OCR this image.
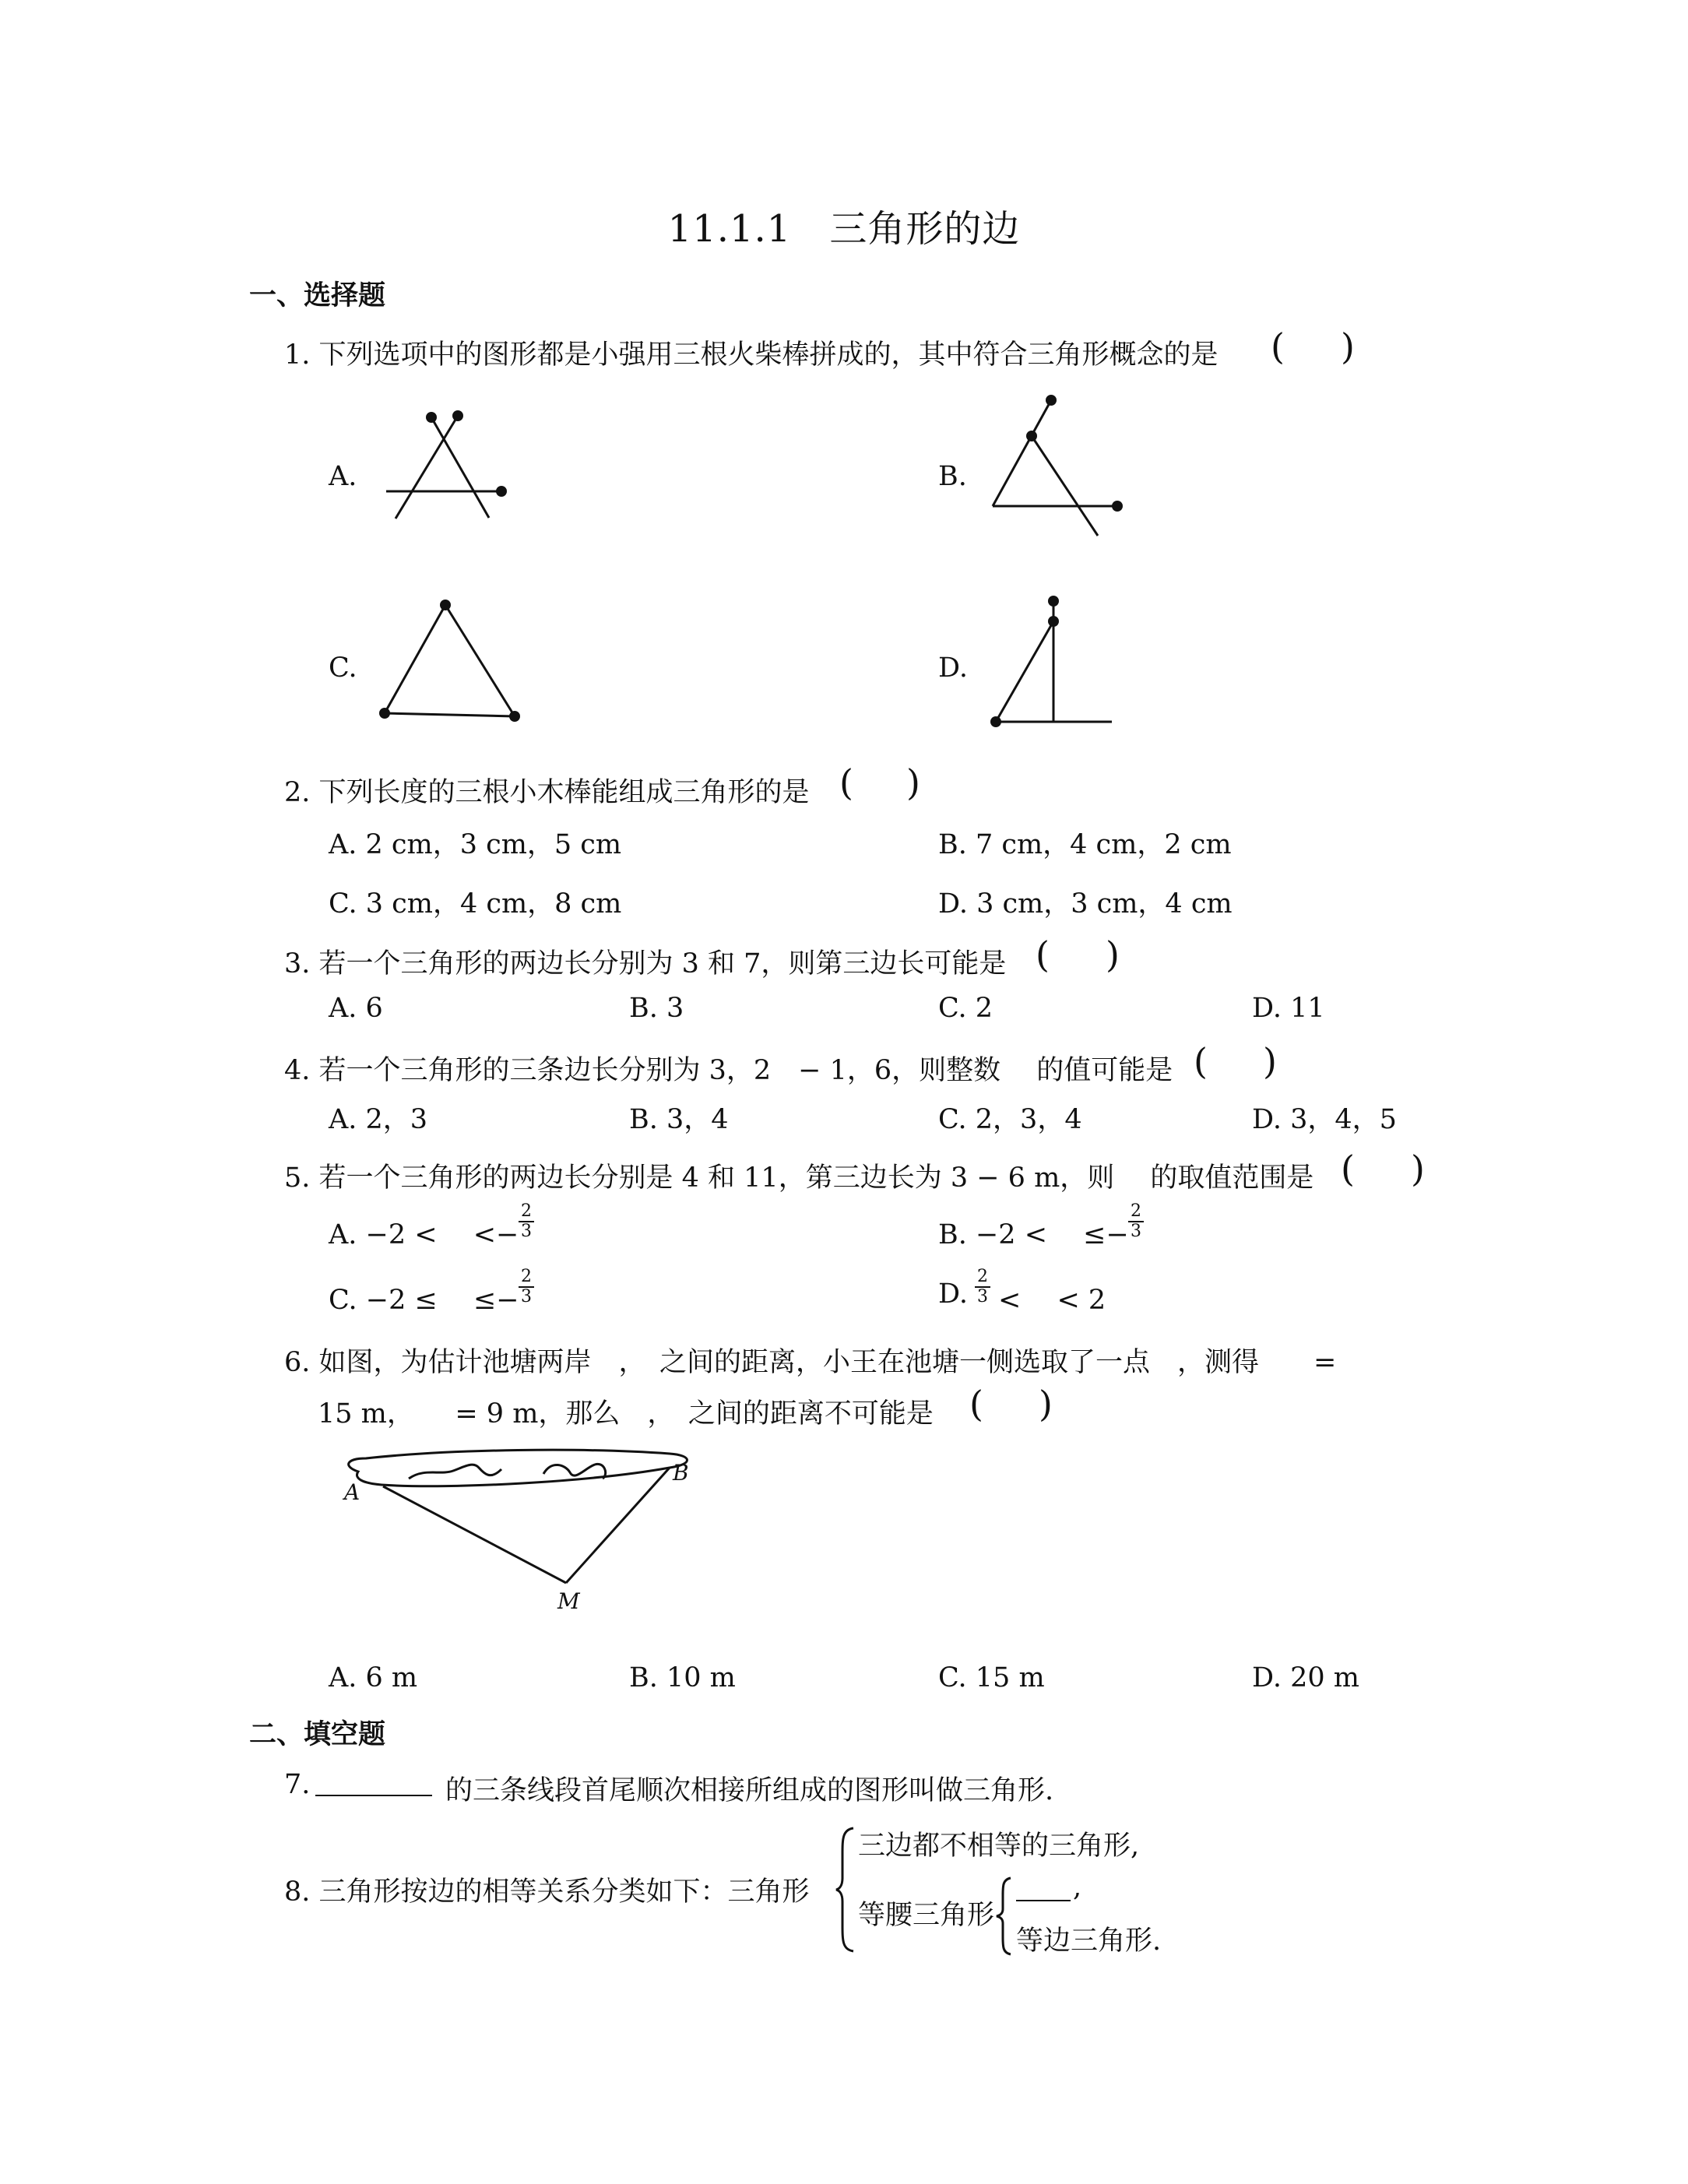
11.1.1　三角形的边
一、选择题
1. 下列选项中的图形都是小强用三根火柴棒拼成的，其中符合三角形概念的是 ( )
A.	B.
C.	D.
2. 下列长度的三根小木棒能组成三角形的是 ( )
A. 2 cm，3 cm，5 cm	B. 7 cm，4 cm，2 cm
C. 3 cm，4 cm，8 cm	D. 3 cm，3 cm，4 cm
3. 若一个三角形的两边长分别为 3 和 7，则第三边长可能是 ( )
A. 6	B. 3	C. 2	D. 11
4. 若一个三角形的三条边长分别为 3，2　− 1，6，则整数　 的值可能是 ( )
A. 2，3	B. 3，4	C. 2，3，4	D. 3，4，5
5. 若一个三角形的两边长分别是 4 和 11，第三边长为 3 − 6 m，则　 的取值范围是 ( )
A. −2 <　 <− $\frac{2}{3}$	B. −2 <　 ≤− $\frac{2}{3}$
C. −2 ≤　 ≤− $\frac{2}{3}$	D. $\frac{2}{3}$ <　 < 2
6. 如图，为估计池塘两岸　，　之间的距离，小王在池塘一侧选取了一点　，测得　　=
15 m，　　= 9 m，那么　，　之间的距离不可能是 ( )
A
B
M
A. 6 m	B. 10 m	C. 15 m	D. 20 m
二、填空题
7.	的三条线段首尾顺次相接所组成的图形叫做三角形.
8. 三角形按边的相等关系分类如下：三角形
三边都不相等的三角形,
等腰三角形
,
等边三角形.
